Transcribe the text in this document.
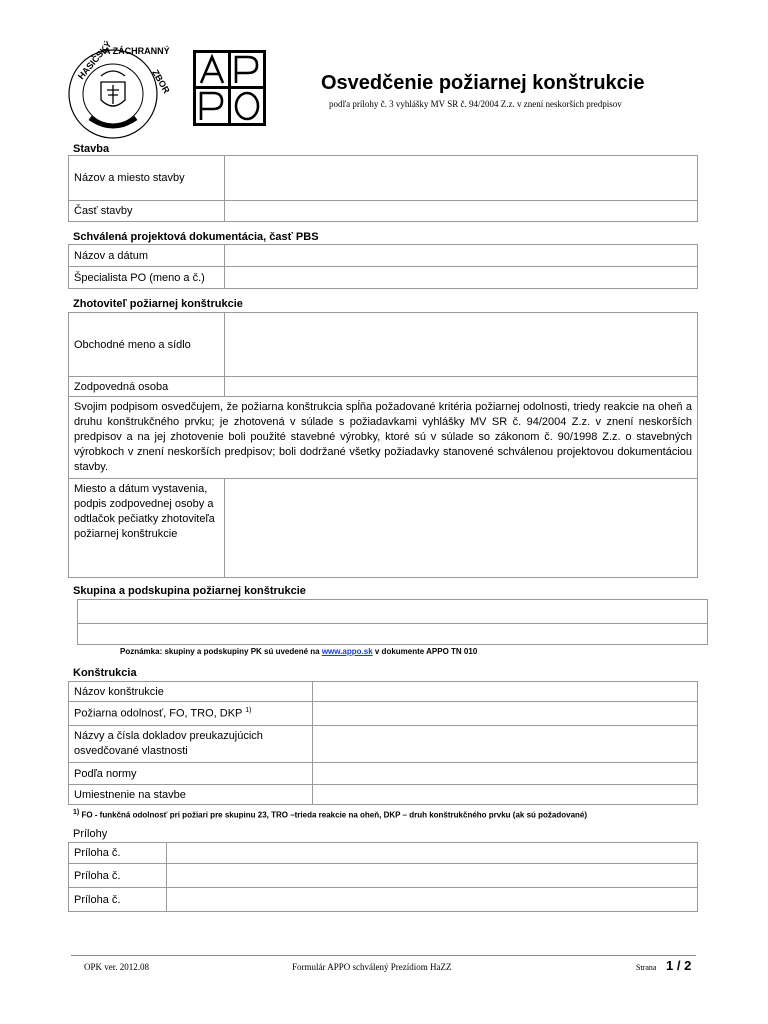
HASIČSKÝ
A ZÁCHRANNÝ
ZBOR	Osvedčenie požiarnej konštrukcie
podľa prílohy č. 3 vyhlášky MV SR č. 94/2004 Z.z. v znení neskorších predpisov
Stavba
Názov a miesto stavby	
Časť stavby	
Schválená projektová dokumentácia, časť PBS
Názov a dátum	
Špecialista PO (meno a č.)	
Zhotoviteľ požiarnej konštrukcie
Obchodné meno a sídlo	
Zodpovedná osoba	
Svojim podpisom osvedčujem, že požiarna konštrukcia spĺňa požadované kritéria požiarnej odolnosti, triedy reakcie na oheň a druhu konštrukčného prvku; je zhotovená v súlade s požiadavkami vyhlášky MV SR č. 94/2004 Z.z. v znení neskorších predpisov a na jej zhotovenie boli použité stavebné výrobky, ktoré sú v súlade so zákonom č. 90/1998 Z.z. o stavebných výrobkoch v znení neskorších predpisov; boli dodržané všetky požiadavky stanovené schválenou projektovou dokumentáciou stavby.	
Miesto a dátum vystavenia, podpis zodpovednej osoby a odtlačok pečiatky zhotoviteľa požiarnej konštrukcie	
Skupina a podskupina požiarnej konštrukcie

Poznámka: skupiny a podskupiny PK sú uvedené na www.appo.sk v dokumente APPO TN 010
Konštrukcia
Názov konštrukcie	
Požiarna odolnosť, FO, TRO, DKP $^{1)}$	
Názvy a čísla dokladov preukazujúcich osvedčované vlastnosti	
Podľa normy	
Umiestnenie na stavbe	
$^{1)}$ FO - funkčná odolnosť pri požiari pre skupinu 23, TRO –trieda reakcie na oheň, DKP – druh konštrukčného prvku (ak sú požadované)
Prílohy
Príloha č.	
Príloha č.	
Príloha č.	
OPK ver. 2012.08	Formulár APPO schválený Prezídiom HaZZ	Strana 1 / 2
